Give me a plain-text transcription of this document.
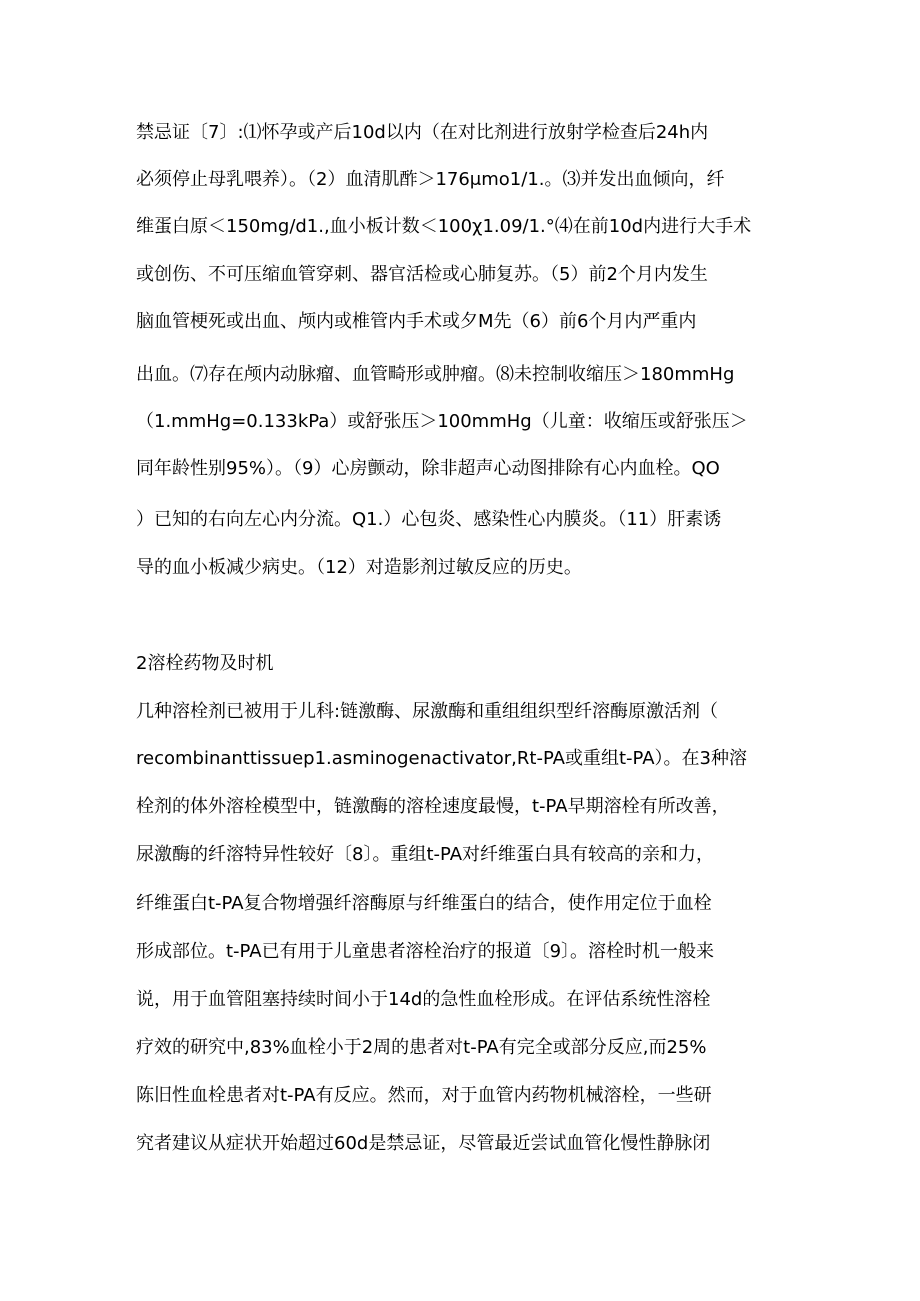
禁忌证〔7〕:⑴怀孕或产后10d以内（在对比剂进行放射学检查后24h内
必须停止母乳喂养）。（2）血清肌酢＞176μmo1∕1.。⑶并发出血倾向，纤
维蛋白原＜150mg/d1.,血小板计数＜100χ1.09∕1.°⑷在前10d内进行大手术
或创伤、不可压缩血管穿刺、器官活检或心肺复苏。（5）前2个月内发生
脑血管梗死或出血、颅内或椎管内手术或夕M先（6）前6个月内严重内
出血。⑺存在颅内动脉瘤、血管畸形或肿瘤。⑻未控制收缩压＞180mmHg
（1.mmHg=0.133kPa）或舒张压＞100mmHg（儿童：收缩压或舒张压＞
同年龄性别95%）。（9）心房颤动，除非超声心动图排除有心内血栓。QO
）已知的右向左心内分流。Q1.）心包炎、感染性心内膜炎。（11）肝素诱
导的血小板减少病史。（12）对造影剂过敏反应的历史。
2溶栓药物及时机
几种溶栓剂已被用于儿科:链激酶、尿激酶和重组组织型纤溶酶原激活剂（
recombinanttissuep1.asminogenactivator,Rt-PA或重组t-PA）。在3种溶
栓剂的体外溶栓模型中，链激酶的溶栓速度最慢，t-PA早期溶栓有所改善，
尿激酶的纤溶特异性较好〔8〕。重组t-PA对纤维蛋白具有较高的亲和力，
纤维蛋白t-PA复合物增强纤溶酶原与纤维蛋白的结合，使作用定位于血栓
形成部位。t-PA已有用于儿童患者溶栓治疗的报道〔9〕。溶栓时机一般来
说，用于血管阻塞持续时间小于14d的急性血栓形成。在评估系统性溶栓
疗效的研究中,83%血栓小于2周的患者对t-PA有完全或部分反应,而25%
陈旧性血栓患者对t-PA有反应。然而，对于血管内药物机械溶栓，一些研
究者建议从症状开始超过60d是禁忌证，尽管最近尝试血管化慢性静脉闭
